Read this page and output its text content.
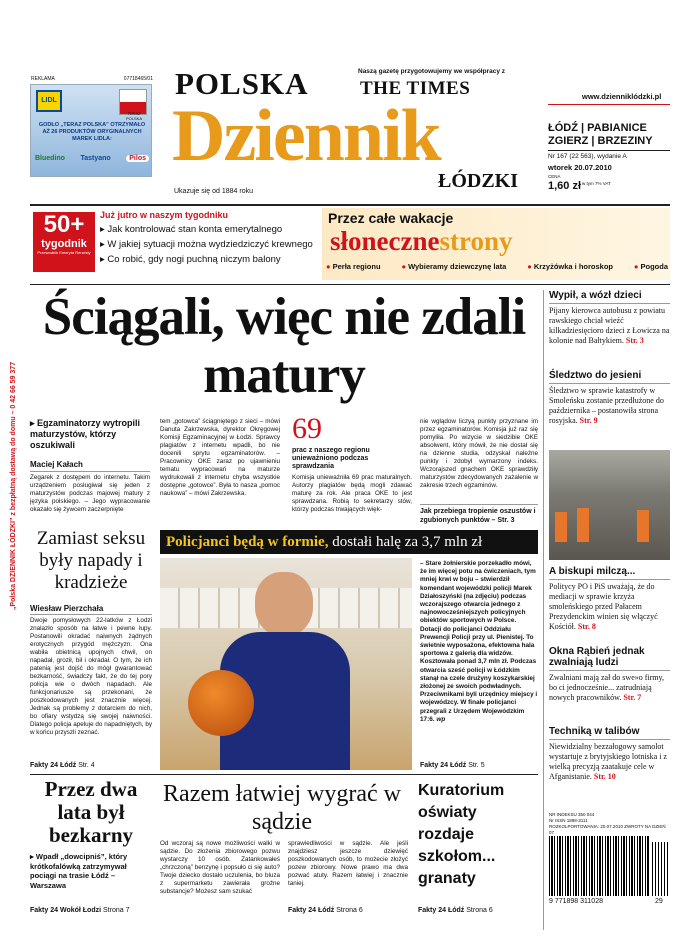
„Polska DZIENNIK ŁÓDZKI” z bezpłatną dostawą do domu – 0 42 66 59 377
REKLAMA	07718465/01
LIDL
TERAZ POLSKA
GODŁO „TERAZ POLSKA” OTRZYMAŁO AŻ 26 PRODUKTÓW ORYGINALNYCH MAREK LIDLA:
Bluedino Tastyano	Pilos
POLSKA	Naszą gazetę przygotowujemy we współpracy z
THE TIMES
Dziennik
ŁÓDZKI
Ukazuje się od 1884 roku
www.dzienniklódzki.pl
ŁÓDŹ | PABIANICE
ZGIERZ | BRZEZINY
Nr 167 (22 563), wydanie A
wtorek 20.07.2010
CENA
1,60 zł w tym 7% VAT
50+
tygodnik
Przewodnik Emeryta Rencisty
Już jutro w naszym tygodniku
▸ Jak kontrolować stan konta emerytalnego
▸ W jakiej sytuacji można wydziedziczyć krewnego
▸ Co robić, gdy nogi puchną niczym balony
Przez całe wakacje
słonecznestrony
● Perła regionu	● Wybieramy dziewczynę lata	● Krzyżówka i horoskop	● Pogoda
Ściągali, więc nie zdali matury
▸ Egzaminatorzy wytropili maturzystów, którzy oszukiwali
Maciej Kałach
Zegarek z dostępem do internetu. Takim urządzeniem posługiwał się jeden z maturzystów podczas majowej matury z języka polskiego. – Jego wypracowanie okazało się żywcem zaczerpnięte
tem „gotowca” ściągniętego z sieci – mówi Danuta Zakrzewska, dyrektor Okręgowej Komisji Egzaminacyjnej w Łodzi. Sprawcy plagiatów z internetu wpadli, bo nie docenili sprytu egzaminatorów. – Pracownicy OKE zaraz po ujawnieniu tematu wypracowań na maturze wydrukowali z internetu chyba wszystkie dostępne „gotowce”. Była to nasza „pomoc naukowa” – mówi Zakrzewska.
69
prac z naszego regionu unieważniono podczas sprawdzania
Komisja unieważniła 69 prac maturalnych. Autorzy plagiatów będą mogli zdawać maturę za rok. Ale praca OKE to jest sprawdzana. Robią to sekretarzy stów, którzy podczas trwających więk-
nie wglądow liczyą punkty przyznane im przez egzaminatorów. Komisja już raz się pomyliła. Po wizycie w siedzibie OKE absolwent, który mówił, że nie dostał się na dzienne studia, odzyskał należne punkty i zdobył wymarzony indeks. Wczorajszed gnachem OKE sprawdziły maturzystów zdecydowanych zażalenie w zakresie trzech egzaminów.
Jak przebiega tropienie oszustów i zgubionych punktów – Str. 3
Zamiast seksu były napady i kradzieże
Wiesław Pierzchała
Dwoje pomysłowych 22-latków z Łodzi znalazło sposób na łatwe i pewne łupy. Postanowili okradać naiwnych żądnych erotycznych przygód mężczyzn. Ona wabiła obietnicą upojnych chwil, on napadał, groził, bił i okradał. O tym, że ich patenią jest dojść do mógł gwarantować bezkarność, świadczy fakt, że do tej pory policja wie o dwóch napadach. Ale funkcjonariusze są przekonani, że poszkodowanych jest znacznie więcej. Jednak są problemy z dotarciem do nich, bo ofiary wstydzą się swojej naiwności. Dlatego policja apeluje do napadniętych, by w końcu przyszli zeznać.
Fakty 24 Łódź Str. 4
Policjanci będą w formie, dostałi halę za 3,7 mln zł
– Stare żołnierskie porzekadło mówi, że im więcej potu na ćwiczeniach, tym mniej krwi w boju – stwierdził komendant wojewódzki policji Marek Działoszyński (na zdjęciu) podczas wczorajszego otwarcia jednego z najnowocześniejszych policyjnych obiektów sportowych w Polsce. Dotacji do policjanci Oddziału Prewencji Policji przy ul. Pienistej. To świetnie wyposażona, efektowna hala sportowa z galerią dla widzów. Kosztowała ponad 3,7 mln zł. Podczas otwarcia sześć policji w Łódzkim stanął na czele drużyny koszykarskiej złożonej ze swoich podwładnych. Przeciwnikami byli urzędnicy miejscy i wojewódzcy. W finałe policjanci przegrali z Urzędem Wojewódzkim 17:6. wp
Fakty 24 Łódź Str. 5
Wypił, a wózł dzieci
Pijany kierowca autobusu z powiatu rawskiego chciał wieźć kilkadziesięcioro dzieci z Łowicza na kolonie nad Bałtykiem. Str. 3
Śledztwo do jesieni
Śledztwo w sprawie katastrofy w Smoleńsku zostanie przedłużone do października – postanowiła strona rosyjska. Str. 9
A biskupi milczą...
Politycy PO i PiS uważają, że do mediacji w sprawie krzyża smoleńskiego przed Pałacem Prezydenckim winien się włączyć Kościół. Str. 8
Okna Rąbień jednak zwalniają ludzi
Zwalniani mają zał do swe»o firmy, bo ci jednocześnie... zatrudniają nowych pracowników. Str. 7
Techniką w talibów
Niewidzialny bezzałogowy samolot wystartuje z brytyjskiego lotniska i z wielką precyzją zaatakuje cele w Afganistanie. Str. 10
Przez dwa lata był bezkarny
▸ Wpadł „dowcipniś”, który krótkofalówką zatrzymywał pociągi na trasie Łódź – Warszawa
Fakty 24 Wokół Łodzi Strona 7
Razem łatwiej wygrać w sądzie
Od wczoraj są nowe możliwości walki w sądzie. Do złożenia zbiorowego pozwu wystarczy 10 osób. Zatankowałeś „chrzczoną” benzynę i popsuło ci się auto? Twoje dziecko dostało uczulenia, bo bluza z supermarketu zawierała groźne substancje? Możesz sam szukać
sprawiedliwości w sądzie. Ale jeśli znajdziesz jeszcze dziewięć poszkodowanych osób, to możecie złożyć pozew zbiorowy. Nowe prawo ma dwa pozwać atuty. Razem łatwiej i znacznie taniej.
Fakty 24 Łódź Strona 6
Kuratorium oświaty rozdaje szkołom... granaty
Fakty 24 Łódź Strona 6
NR INDEKSU 350 044
Nr ISSN 1898-3111
ROZKOLPORTOWANIA: 20.07.2010 ZWROTY NA DZIEŃ 07
9 771898 311028	29
